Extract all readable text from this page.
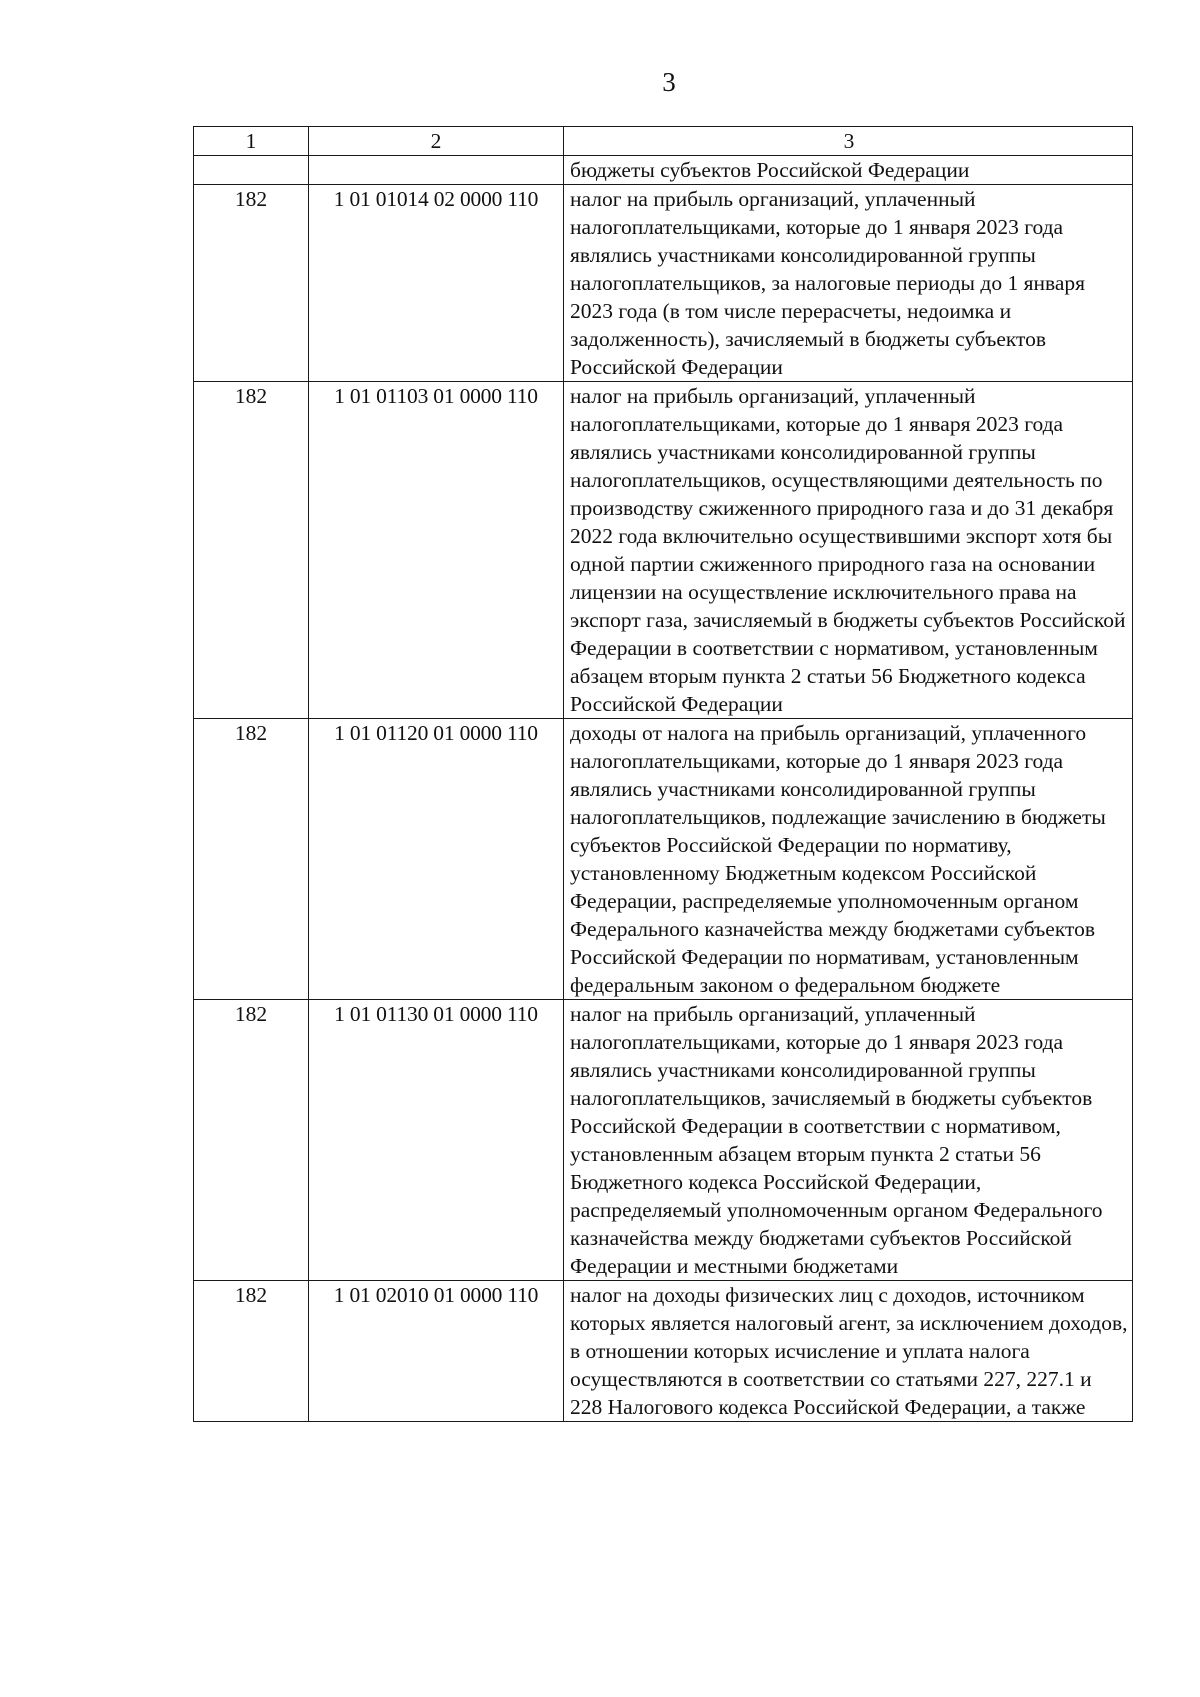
3
1	2	3
		бюджеты субъектов Российской Федерации
182	1 01 01014 02 0000 110	налог на прибыль организаций, уплаченный налогоплательщиками, которые до 1 января 2023 года являлись участниками консолидированной группы налогоплательщиков, за налоговые периоды до 1 января 2023 года (в том числе перерасчеты, недоимка и задолженность), зачисляемый в бюджеты субъектов Российской Федерации
182	1 01 01103 01 0000 110	налог на прибыль организаций, уплаченный налогоплательщиками, которые до 1 января 2023 года являлись участниками консолидированной группы налогоплательщиков, осуществляющими деятельность по производству сжиженного природного газа и до 31 декабря 2022 года включительно осуществившими экспорт хотя бы одной партии сжиженного природного газа на основании лицензии на осуществление исключительного права на экспорт газа, зачисляемый в бюджеты субъектов Российской Федерации в соответствии с нормативом, установленным абзацем вторым пункта 2 статьи 56 Бюджетного кодекса Российской Федерации
182	1 01 01120 01 0000 110	доходы от налога на прибыль организаций, уплаченного налогоплательщиками, которые до 1 января 2023 года являлись участниками консолидированной группы налогоплательщиков, подлежащие зачислению в бюджеты субъектов Российской Федерации по нормативу, установленному Бюджетным кодексом Российской Федерации, распределяемые уполномоченным органом Федерального казначейства между бюджетами субъектов Российской Федерации по нормативам, установленным федеральным законом о федеральном бюджете
182	1 01 01130 01 0000 110	налог на прибыль организаций, уплаченный налогоплательщиками, которые до 1 января 2023 года являлись участниками консолидированной группы налогоплательщиков, зачисляемый в бюджеты субъектов Российской Федерации в соответствии с нормативом, установленным абзацем вторым пункта 2 статьи 56 Бюджетного кодекса Российской Федерации, распределяемый уполномоченным органом Федерального казначейства между бюджетами субъектов Российской Федерации и местными бюджетами
182	1 01 02010 01 0000 110	налог на доходы физических лиц с доходов, источником которых является налоговый агент, за исключением доходов, в отношении которых исчисление и уплата налога осуществляются в соответствии со статьями 227, 227.1 и 228 Налогового кодекса Российской Федерации, а также
